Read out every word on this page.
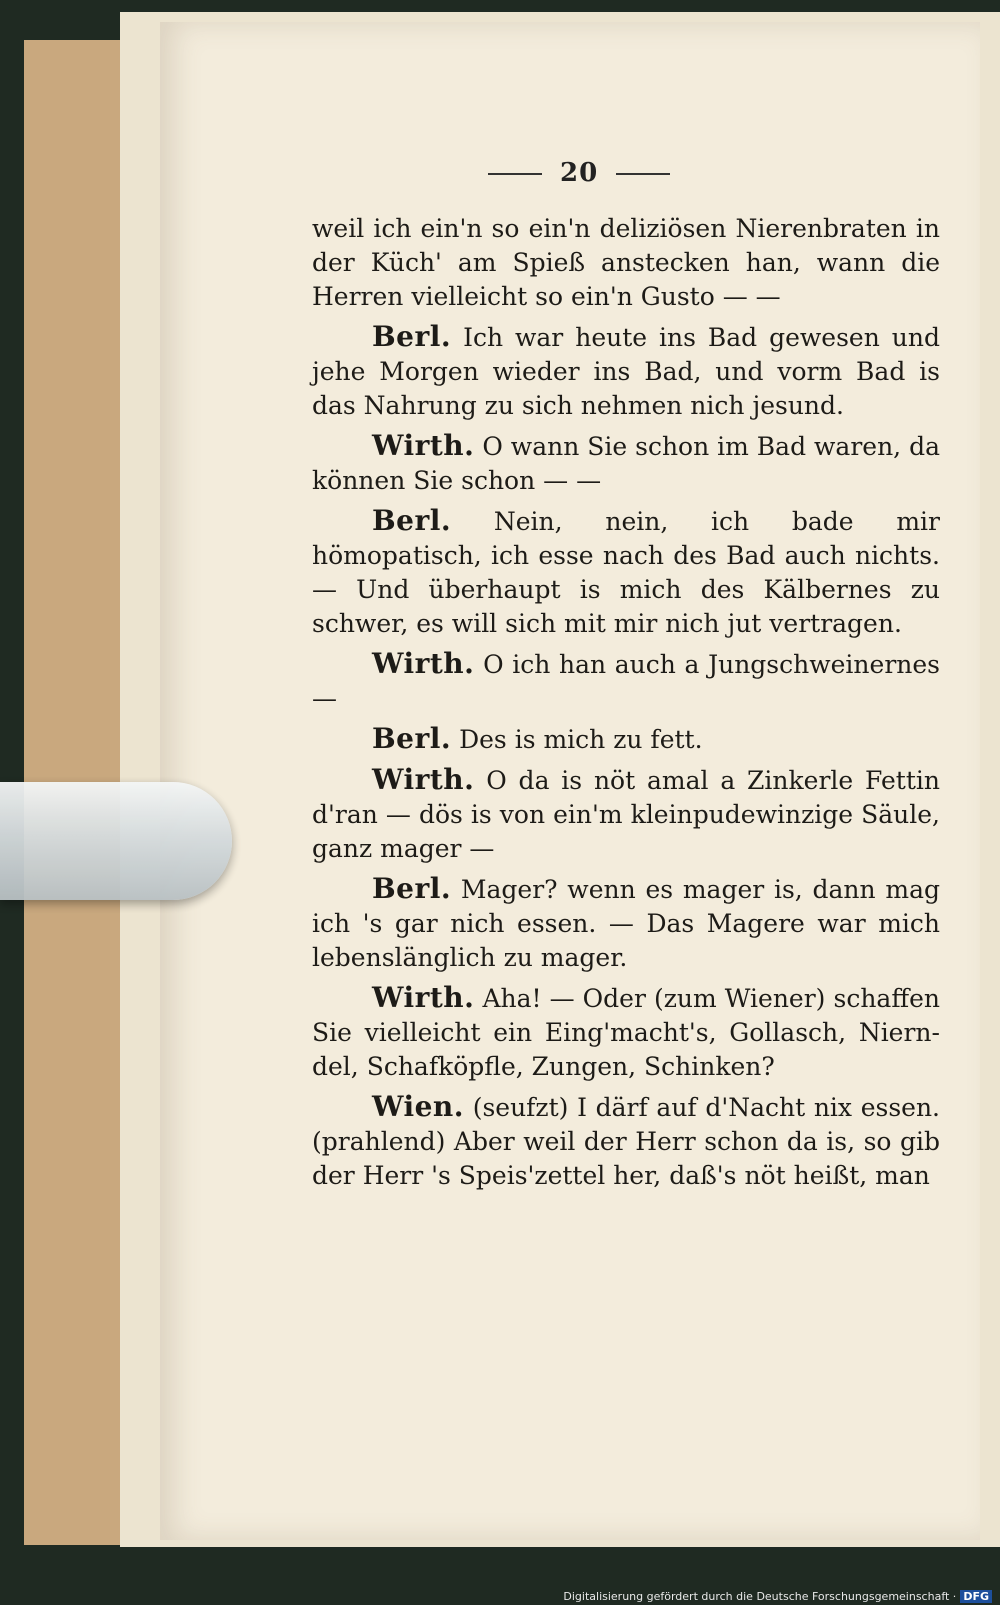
20

weil ich ein'n so ein'n deliziösen Nierenbraten in der Küch' am Spieß anstecken han, wann die Herren vielleicht so ein'n Gusto — —

Berl. Ich war heute ins Bad gewesen und jehe Morgen wieder ins Bad, und vorm Bad is das Nahrung zu sich nehmen nich jesund.

Wirth. O wann Sie schon im Bad waren, da können Sie schon — —

Berl. Nein, nein, ich bade mir hömopatisch, ich esse nach des Bad auch nichts. — Und überhaupt is mich des Kälbernes zu schwer, es will sich mit mir nich jut vertragen.

Wirth. O ich han auch a Jungschweinernes —

Berl. Des is mich zu fett.

Wirth. O da is nöt amal a Zinkerle Fettin d'ran — dös is von ein'm kleinpudewinzige Säule, ganz mager —

Berl. Mager? wenn es mager is, dann mag ich 's gar nich essen. — Das Magere war mich lebenslänglich zu mager.

Wirth. Aha! — Oder (zum Wiener) schaffen Sie vielleicht ein Eing'macht's, Gollasch, Nierndel, Schafköpfle, Zungen, Schinken?

Wien. (seufzt) I därf auf d'Nacht nix essen. (prahlend) Aber weil der Herr schon da is, so gib der Herr 's Speis'zettel her, daß's nöt heißt, man

Digitalisierung gefördert durch die Deutsche Forschungsgemeinschaft · DFG
